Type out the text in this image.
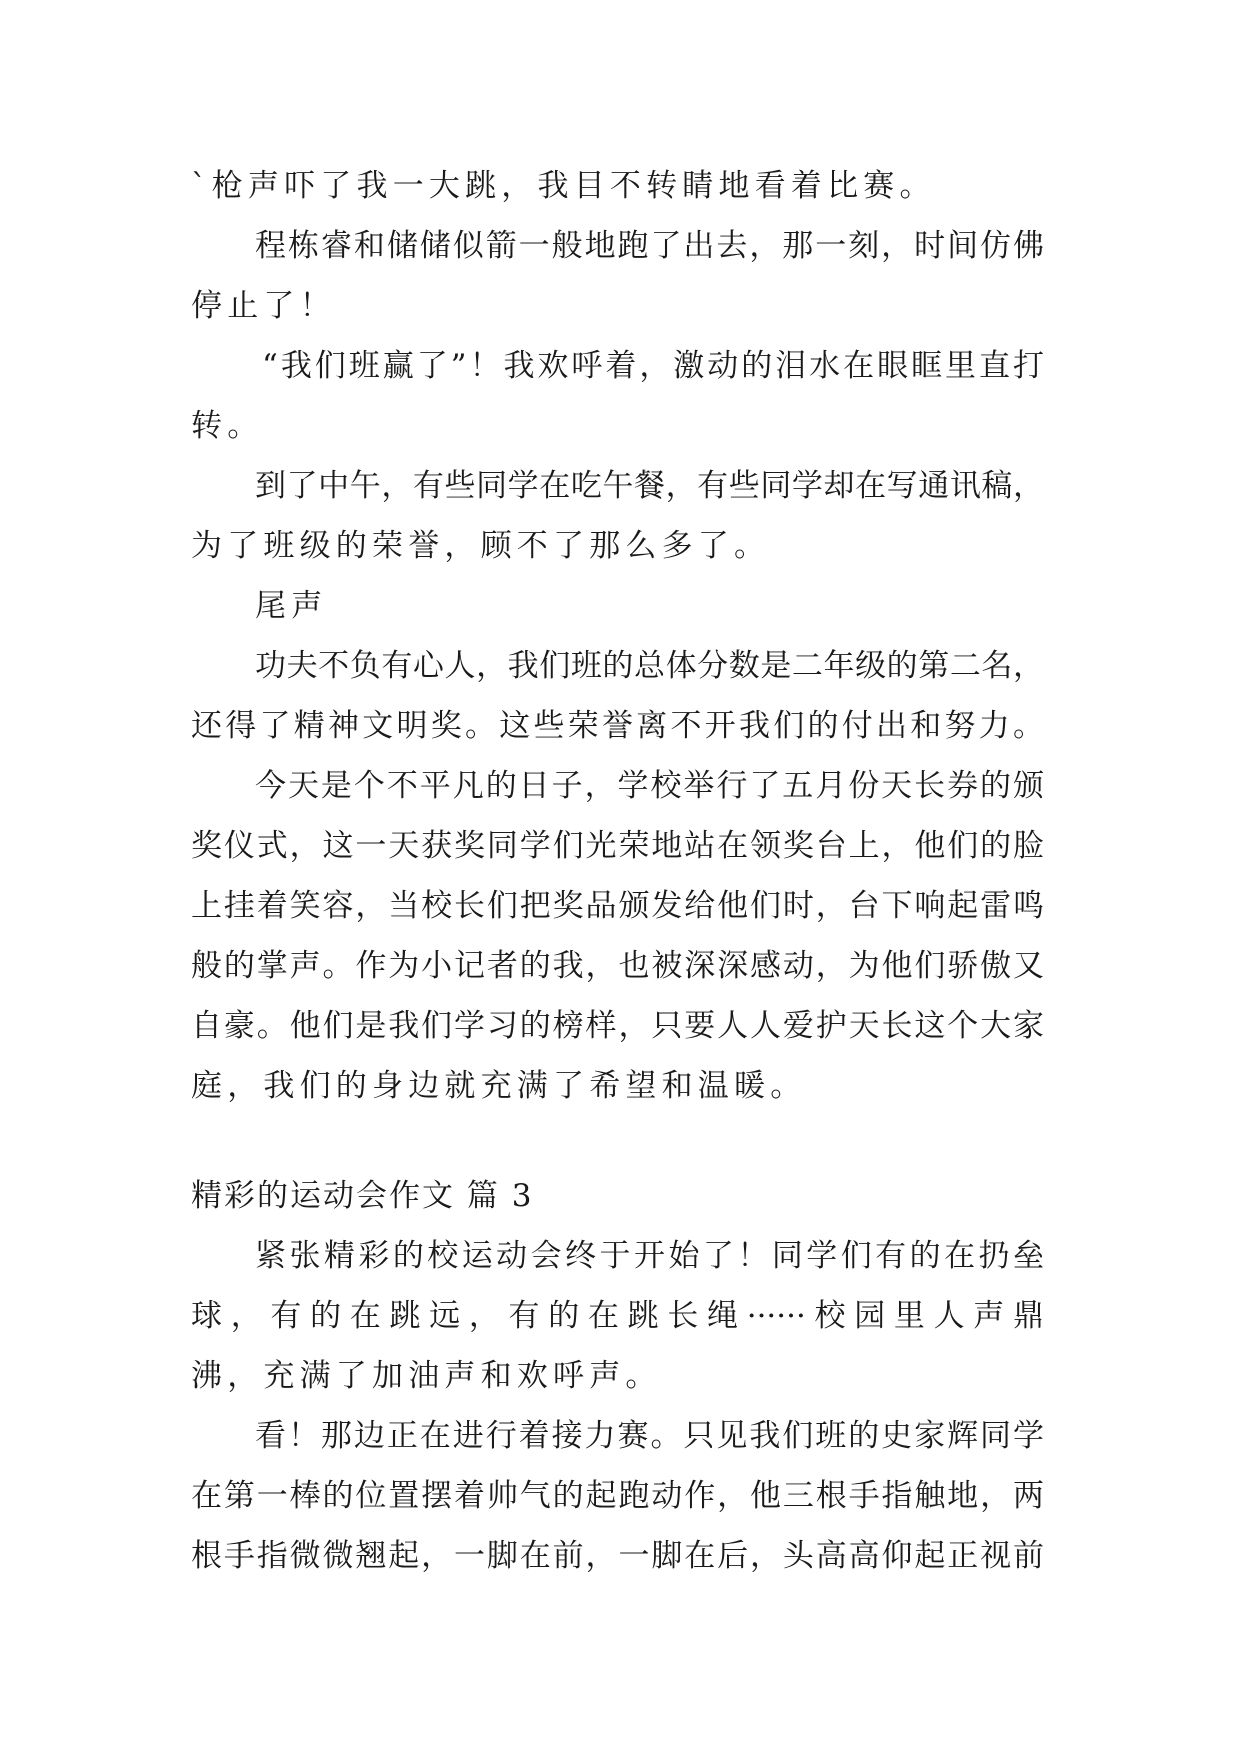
`枪声吓了我一大跳，我目不转睛地看着比赛。
程栋睿和储储似箭一般地跑了出去，那一刻，时间仿佛
停止了！
“我们班赢了”！我欢呼着，激动的泪水在眼眶里直打
转。
到了中午，有些同学在吃午餐，有些同学却在写通讯稿，
为了班级的荣誉，顾不了那么多了。
尾声
功夫不负有心人，我们班的总体分数是二年级的第二名，
还得了精神文明奖。这些荣誉离不开我们的付出和努力。
今天是个不平凡的日子，学校举行了五月份天长券的颁
奖仪式，这一天获奖同学们光荣地站在领奖台上，他们的脸
上挂着笑容，当校长们把奖品颁发给他们时，台下响起雷鸣
般的掌声。作为小记者的我，也被深深感动，为他们骄傲又
自豪。他们是我们学习的榜样，只要人人爱护天长这个大家
庭，我们的身边就充满了希望和温暖。
精彩的运动会作文 篇 3
紧张精彩的校运动会终于开始了！同学们有的在扔垒
球，有的在跳远，有的在跳长绳······校园里人声鼎
沸，充满了加油声和欢呼声。
看！那边正在进行着接力赛。只见我们班的史家辉同学
在第一棒的位置摆着帅气的起跑动作，他三根手指触地，两
根手指微微翘起，一脚在前，一脚在后，头高高仰起正视前
